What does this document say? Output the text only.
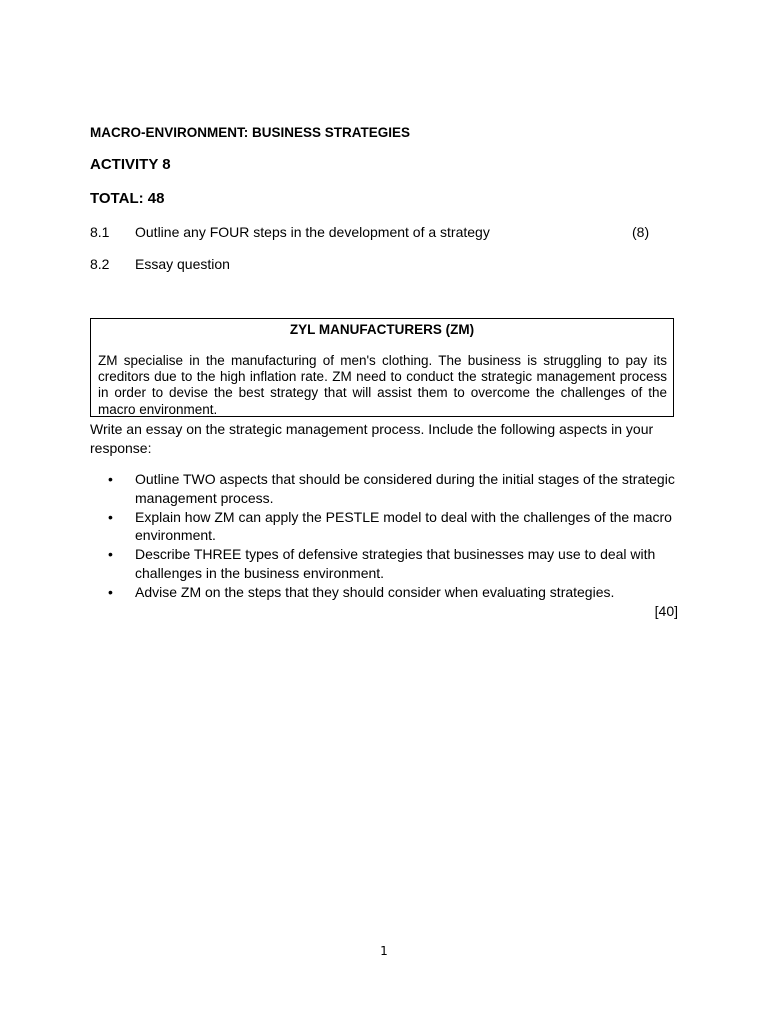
MACRO-ENVIRONMENT: BUSINESS STRATEGIES
ACTIVITY 8
TOTAL: 48
8.1 Outline any FOUR steps in the development of a strategy	(8)
8.2 Essay question
ZYL MANUFACTURERS (ZM)
ZM specialise in the manufacturing of men's clothing. The business is struggling to pay its creditors due to the high inflation rate. ZM need to conduct the strategic management process in order to devise the best strategy that will assist them to overcome the challenges of the macro environment.
Write an essay on the strategic management process. Include the following aspects in your response:
• Outline TWO aspects that should be considered during the initial stages of the strategic management process.
• Explain how ZM can apply the PESTLE model to deal with the challenges of the macro environment.
• Describe THREE types of defensive strategies that businesses may use to deal with challenges in the business environment.
• Advise ZM on the steps that they should consider when evaluating strategies.
[40]
1
